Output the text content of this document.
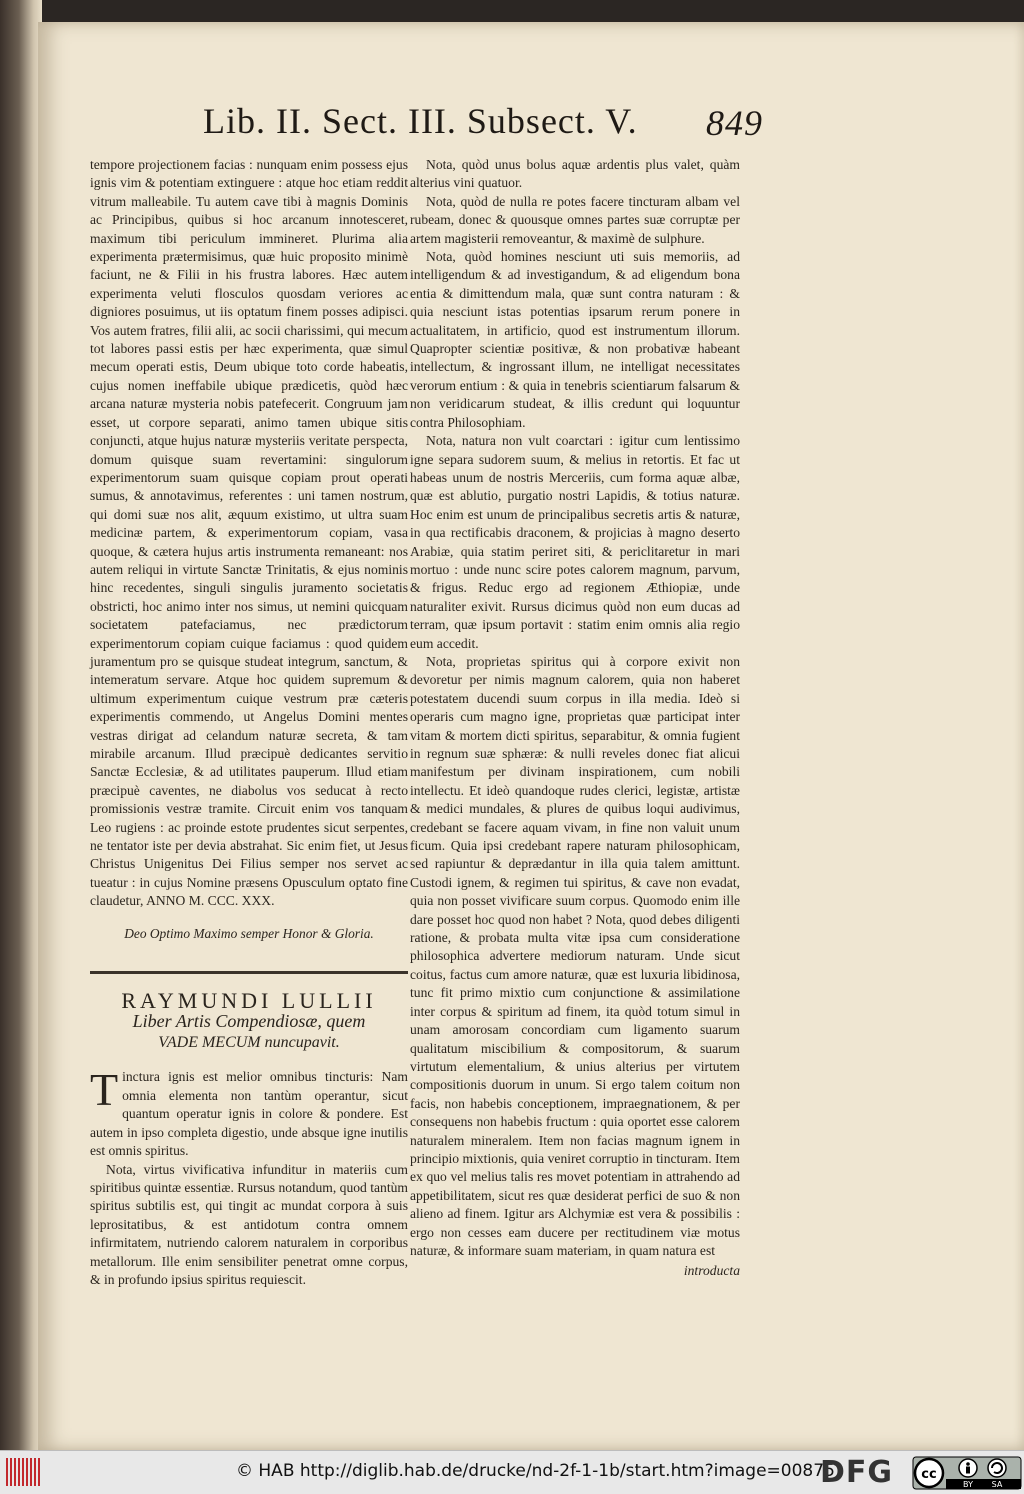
Lib. II. Sect. III. Subsect. V. 849

tempore projectionem facias : nunquam enim possess ejus ignis vim & potentiam extinguere : atque hoc etiam reddit vitrum malleabile. Tu autem cave tibi à magnis Dominis ac Principibus, quibus si hoc arcanum innotesceret, maximum tibi periculum immineret. Plurima alia experimenta prætermisimus, quæ huic proposito minimè faciunt, ne & Filii in his frustra labores. Hæc autem experimenta veluti flosculos quosdam veriores ac digniores posuimus, ut iis optatum finem posses adipisci. Vos autem fratres, filii alii, ac socii charissimi, qui mecum tot labores passi estis per hæc experimenta, quæ simul mecum operati estis, Deum ubique toto corde habeatis, cujus nomen ineffabile ubique prædicetis, quòd hæc arcana naturæ mysteria nobis patefecerit. Congruum jam esset, ut corpore separati, animo tamen ubique sitis conjuncti, atque hujus naturæ mysteriis veritate perspecta, domum quisque suam revertamini: singulorum experimentorum suam quisque copiam prout operati sumus, & annotavimus, referentes : uni tamen nostrum, qui domi suæ nos alit, æquum existimo, ut ultra suam medicinæ partem, & experimentorum copiam, vasa quoque, & cætera hujus artis instrumenta remaneant: nos autem reliqui in virtute Sanctæ Trinitatis, & ejus nominis hinc recedentes, singuli singulis juramento societatis obstricti, hoc animo inter nos simus, ut nemini quicquam societatem patefaciamus, nec prædictorum experimentorum copiam cuique faciamus : quod quidem juramentum pro se quisque studeat integrum, sanctum, & intemeratum servare. Atque hoc quidem supremum & ultimum experimentum cuique vestrum præ cæteris experimentis commendo, ut Angelus Domini mentes vestras dirigat ad celandum naturæ secreta, & tam mirabile arcanum. Illud præcipuè dedicantes servitio Sanctæ Ecclesiæ, & ad utilitates pauperum. Illud etiam præcipuè caventes, ne diabolus vos seducat à recto promissionis vestræ tramite. Circuit enim vos tanquam Leo rugiens : ac proinde estote prudentes sicut serpentes, ne tentator iste per devia abstrahat. Sic enim fiet, ut Jesus Christus Unigenitus Dei Filius semper nos servet ac tueatur : in cujus Nomine præsens Opusculum optato fine claudetur, ANNO M. CCC. XXX.

Deo Optimo Maximo semper Honor & Gloria.

RAYMUNDI LULLII

Liber Artis Compendiosæ, quem

VADE MECUM nuncupavit.

Tinctura ignis est melior omnibus tincturis: Nam omnia elementa non tantùm operantur, sicut quantum operatur ignis in colore & pondere. Est autem in ipso completa digestio, unde absque igne inutilis est omnis spiritus.

Nota, virtus vivificativa infunditur in materiis cum spiritibus quintæ essentiæ. Rursus notandum, quod tantùm spiritus subtilis est, qui tingit ac mundat corpora à suis leprositatibus, & est antidotum contra omnem infirmitatem, nutriendo calorem naturalem in corporibus metallorum. Ille enim sensibiliter penetrat omne corpus, & in profundo ipsius spiritus requiescit.

Nota, quòd unus bolus aquæ ardentis plus valet, quàm alterius vini quatuor.

Nota, quòd de nulla re potes facere tincturam albam vel rubeam, donec & quousque omnes partes suæ corruptæ per artem magisterii removeantur, & maximè de sulphure.

Nota, quòd homines nesciunt uti suis memoriis, ad intelligendum & ad investigandum, & ad eligendum bona entia & dimittendum mala, quæ sunt contra naturam : & quia nesciunt istas potentias ipsarum rerum ponere in actualitatem, in artificio, quod est instrumentum illorum. Quapropter scientiæ positivæ, & non probativæ habeant intellectum, & ingrossant illum, ne intelligat necessitates verorum entium : & quia in tenebris scientiarum falsarum & non veridicarum studeat, & illis credunt qui loquuntur contra Philosophiam.

Nota, natura non vult coarctari : igitur cum lentissimo igne separa sudorem suum, & melius in retortis. Et fac ut habeas unum de nostris Merceriis, cum forma aquæ albæ, quæ est ablutio, purgatio nostri Lapidis, & totius naturæ. Hoc enim est unum de principalibus secretis artis & naturæ, in qua rectificabis draconem, & projicias à magno deserto Arabiæ, quia statim periret siti, & periclitaretur in mari mortuo : unde nunc scire potes calorem magnum, parvum, & frigus. Reduc ergo ad regionem Æthiopiæ, unde naturaliter exivit. Rursus dicimus quòd non eum ducas ad terram, quæ ipsum portavit : statim enim omnis alia regio eum accedit.

Nota, proprietas spiritus qui à corpore exivit non devoretur per nimis magnum calorem, quia non haberet potestatem ducendi suum corpus in illa media. Ideò si operaris cum magno igne, proprietas quæ participat inter vitam & mortem dicti spiritus, separabitur, & omnia fugient in regnum suæ sphæræ: & nulli reveles donec fiat alicui manifestum per divinam inspirationem, cum nobili intellectu. Et ideò quandoque rudes clerici, legistæ, artistæ & medici mundales, & plures de quibus loqui audivimus, credebant se facere aquam vivam, in fine non valuit unum ficum. Quia ipsi credebant rapere naturam philosophicam, sed rapiuntur & deprædantur in illa quia talem amittunt. Custodi ignem, & regimen tui spiritus, & cave non evadat, quia non posset vivificare suum corpus. Quomodo enim ille dare posset hoc quod non habet ? Nota, quod debes diligenti ratione, & probata multa vitæ ipsa cum consideratione philosophica advertere mediorum naturam. Unde sicut coitus, factus cum amore naturæ, quæ est luxuria libidinosa, tunc fit primo mixtio cum conjunctione & assimilatione inter corpus & spiritum ad finem, ita quòd totum simul in unam amorosam concordiam cum ligamento suarum qualitatum miscibilium & compositorum, & suarum virtutum elementalium, & unius alterius per virtutem compositionis duorum in unum. Si ergo talem coitum non facis, non habebis conceptionem, impraegnationem, & per consequens non habebis fructum : quia oportet esse calorem naturalem mineralem. Item non facias magnum ignem in principio mixtionis, quia veniret corruptio in tincturam. Item ex quo vel melius talis res movet potentiam in attrahendo ad appetibilitatem, sicut res quæ desiderat perfici de suo & non alieno ad finem. Igitur ars Alchymiæ est vera & possibilis : ergo non cesses eam ducere per rectitudinem viæ motus naturæ, & informare suam materiam, in quam natura est

introducta

© HAB http://diglib.hab.de/drucke/nd-2f-1-1b/start.htm?image=00875
DFG cc
BY SA
